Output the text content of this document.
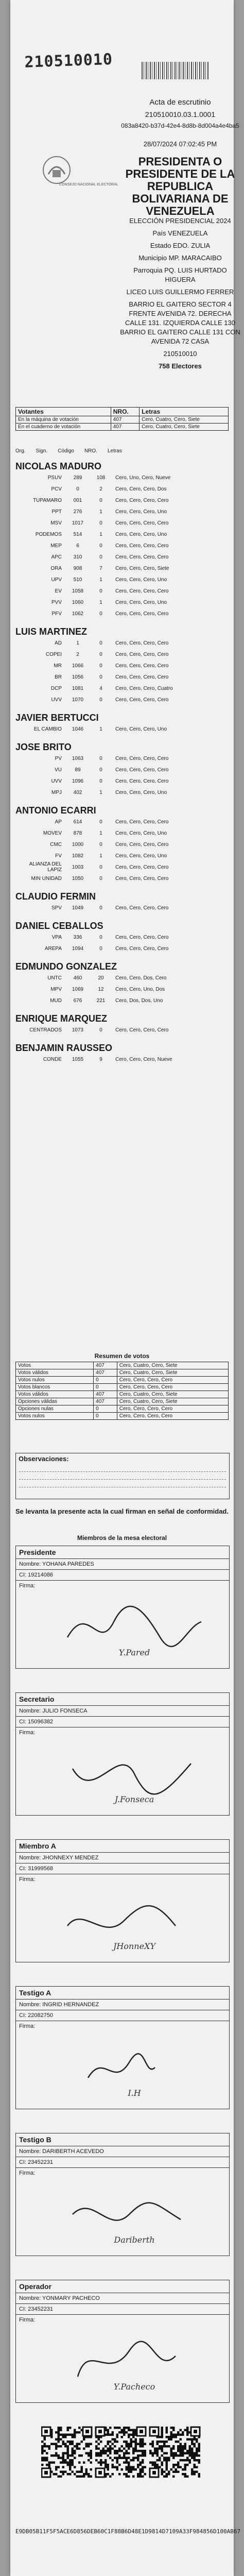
210510010
CONSEJO NACIONAL ELECTORAL
Acta de escrutinio
210510010.03.1.0001
083a8420-b37d-42e4-8d8b-8d004a4e4ba5
28/07/2024 07:02:45 PM
PRESIDENTA O PRESIDENTE DE LA REPUBLICA BOLIVARIANA DE VENEZUELA
ELECCIÓN PRESIDENCIAL 2024
País VENEZUELA
Estado EDO. ZULIA
Municipio MP. MARACAIBO
Parroquia PQ. LUIS HURTADO HIGUERA
LICEO LUIS GUILLERMO FERRER
BARRIO EL GAITERO SECTOR 4 FRENTE AVENIDA 72. DERECHA CALLE 131. IZQUIERDA CALLE 130 BARRIO EL GAITERO CALLE 131 CON AVENIDA 72 CASA
210510010
758 Electores
Votantes	NRO.	Letras
En la máquina de votación	407	Cero, Cuatro, Cero, Siete
En el cuaderno de votación	407	Cero, Cuatro, Cero, Siete
Org. Sign. Código NRO. Letras
NICOLAS MADURO
PSUV	289	108	Cero, Uno, Cero, Nueve
PCV	0	2	Cero, Cero, Cero, Dos
TUPAMARO	001	0	Cero, Cero, Cero, Cero
PPT	276	1	Cero, Cero, Cero, Uno
MSV	1017	0	Cero, Cero, Cero, Cero
PODEMOS	514	1	Cero, Cero, Cero, Uno
MEP	6	0	Cero, Cero, Cero, Cero
APC	310	0	Cero, Cero, Cero, Cero
ORA	908	7	Cero, Cero, Cero, Siete
UPV	510	1	Cero, Cero, Cero, Uno
EV	1058	0	Cero, Cero, Cero, Cero
PVV	1060	1	Cero, Cero, Cero, Uno
PFV	1062	0	Cero, Cero, Cero, Cero
LUIS MARTINEZ
AD	1	0	Cero, Cero, Cero, Cero
COPEI	2	0	Cero, Cero, Cero, Cero
MR	1066	0	Cero, Cero, Cero, Cero
BR	1056	0	Cero, Cero, Cero, Cero
DCP	1081	4	Cero, Cero, Cero, Cuatro
UVV	1070	0	Cero, Cero, Cero, Cero
JAVIER BERTUCCI
EL CAMBIO	1046	1	Cero, Cero, Cero, Uno
JOSE BRITO
PV	1063	0	Cero, Cero, Cero, Cero
VU	89	0	Cero, Cero, Cero, Cero
UVV	1096	0	Cero, Cero, Cero, Cero
MPJ	402	1	Cero, Cero, Cero, Uno
ANTONIO ECARRI
AP	614	0	Cero, Cero, Cero, Cero
MOVEV	878	1	Cero, Cero, Cero, Uno
CMC	1000	0	Cero, Cero, Cero, Cero
FV	1082	1	Cero, Cero, Cero, Uno
ALIANZA DEL LAPIZ	1003	0	Cero, Cero, Cero, Cero
MIN UNIDAD	1050	0	Cero, Cero, Cero, Cero
CLAUDIO FERMIN
SPV	1049	0	Cero, Cero, Cero, Cero
DANIEL CEBALLOS
VPA	336	0	Cero, Cero, Cero, Cero
AREPA	1094	0	Cero, Cero, Cero, Cero
EDMUNDO GONZALEZ
UNTC	460	20	Cero, Cero, Dos, Cero
MPV	1069	12	Cero, Cero, Uno, Dos
MUD	676	221	Cero, Dos, Dos, Uno
ENRIQUE MARQUEZ
CENTRADOS	1073	0	Cero, Cero, Cero, Cero
BENJAMIN RAUSSEO
CONDE	1055	9	Cero, Cero, Cero, Nueve
Resumen de votos
Votos	407	Cero, Cuatro, Cero, Siete
Votos válidos	407	Cero, Cuatro, Cero, Siete
Votos nulos	0	Cero, Cero, Cero, Cero
Votos blancos	0	Cero, Cero, Cero, Cero
Votos válidos	407	Cero, Cuatro, Cero, Siete
Opciones válidas	407	Cero, Cuatro, Cero, Siete
Opciones nulas	0	Cero, Cero, Cero, Cero
Votos nulos	0	Cero, Cero, Cero, Cero
Observaciones:
Se levanta la presente acta la cual firman en señal de conformidad.
Miembros de la mesa electoral
Presidente
Nombre: YOHANA PAREDES
CI: 19214086
Firma:
Y.Pared
Secretario
Nombre: JULIO FONSECA
CI: 15096382
Firma:
J.Fonseca
Miembro A
Nombre: JHONNEXY MENDEZ
CI: 31999568
Firma:
JHonneXY
Testigo A
Nombre: INGRID HERNANDEZ
CI: 22082750
Firma:
I.H
Testigo B
Nombre: DARIBERTH ACEVEDO
CI: 23452231
Firma:
Dariberth
Operador
Nombre: YONMARY PACHECO
CI: 23452231
Firma:
Y.Pacheco
E9DB05B11F5F5ACE6D856DEB60C1F88B6D48E1D9814D7109A33F984856D100AB67
